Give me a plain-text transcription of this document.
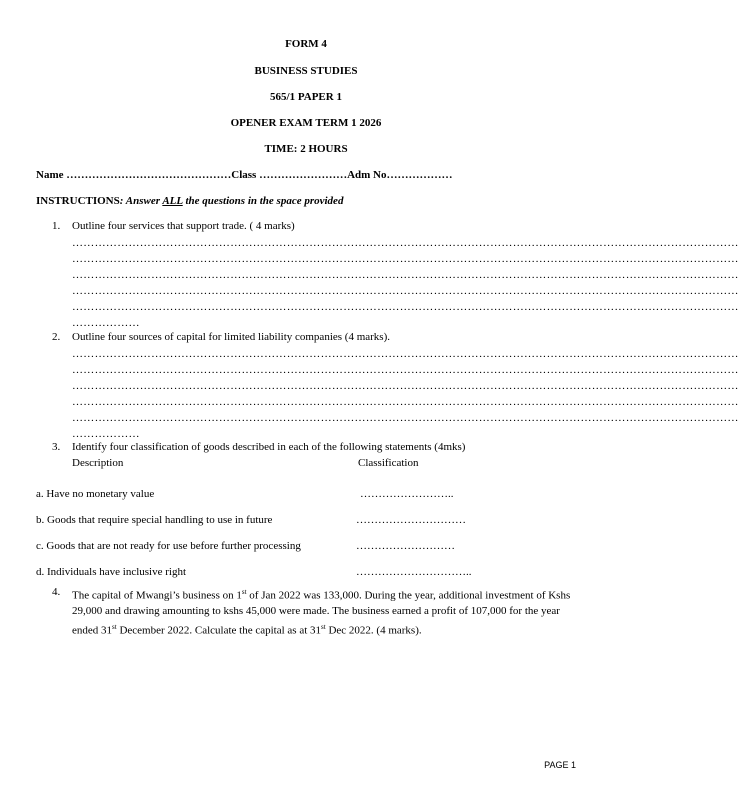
FORM 4
BUSINESS STUDIES
565/1 PAPER 1
OPENER EXAM TERM 1 2026
TIME: 2 HOURS
Name ………………………………………Class ……………………Adm No………………
INSTRUCTIONS: Answer ALL the questions in the space provided
1. Outline four services that support trade. ( 4 marks)
……………………………………………………………………………………………………………………………………………………………
……………………………………………………………………………………………………………………………………………………………
……………………………………………………………………………………………………………………………………………………………
……………………………………………………………………………………………………………………………………………………………
……………………………………………………………………………………………………………………………………………………………
………………
2. Outline four sources of capital for limited liability companies (4 marks).
……………………………………………………………………………………………………………………………………………………………
……………………………………………………………………………………………………………………………………………………………
……………………………………………………………………………………………………………………………………………………………
……………………………………………………………………………………………………………………………………………………………
……………………………………………………………………………………………………………………………………………………………
………………
3. Identify four classification of goods described in each of the following statements (4mks)
Description	Classification
a. Have no monetary value	……………………..
b. Goods that require special handling to use in future	…………………………
c. Goods that are not ready for use before further processing	………………………
d. Individuals have inclusive right	…………………………..
4. The capital of Mwangi’s business on 1st of Jan 2022 was 133,000. During the year, additional investment of Kshs 29,000 and drawing amounting to kshs 45,000 were made. The business earned a profit of 107,000 for the year ended 31st December 2022. Calculate the capital as at 31st Dec 2022. (4 marks).
PAGE 1
